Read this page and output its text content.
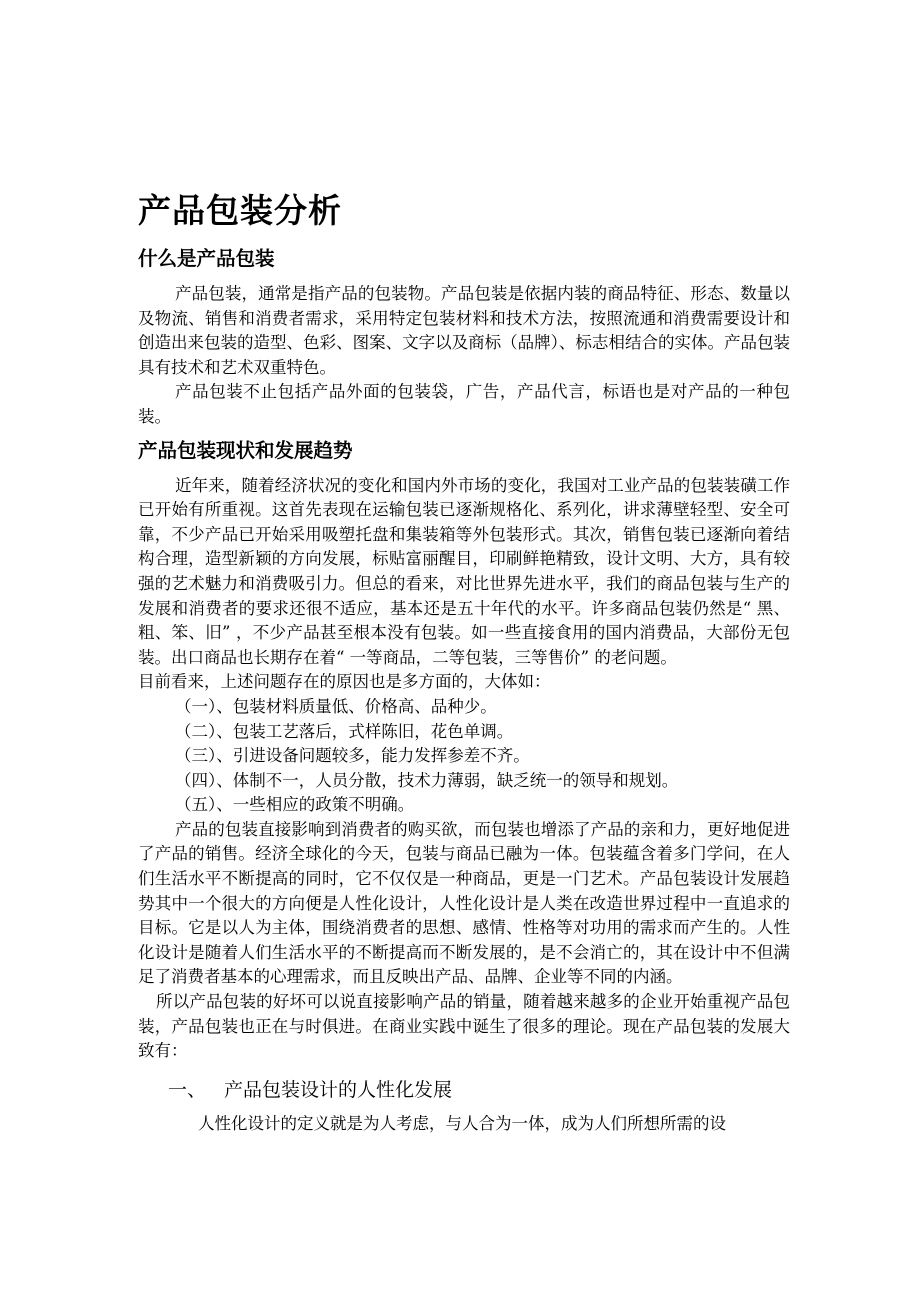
产品包装分析
什么是产品包装

产品包装，通常是指产品的包装物。产品包装是依据内装的商品特征、形态、数量以及物流、销售和消费者需求，采用特定包装材料和技术方法，按照流通和消费需要设计和创造出来包装的造型、色彩、图案、文字以及商标（品牌）、标志相结合的实体。产品包装具有技术和艺术双重特色。

产品包装不止包括产品外面的包装袋，广告，产品代言，标语也是对产品的一种包装。

产品包装现状和发展趋势

近年来，随着经济状况的变化和国内外市场的变化，我国对工业产品的包装装磺工作已开始有所重视。这首先表现在运输包装已逐渐规格化、系列化，讲求薄壁轻型、安全可靠，不少产品已开始采用吸塑托盘和集装箱等外包装形式。其次，销售包装已逐渐向着结构合理，造型新颖的方向发展，标贴富丽醒目，印刷鲜艳精致，设计文明、大方，具有较强的艺术魅力和消费吸引力。但总的看来，对比世界先进水平，我们的商品包装与生产的发展和消费者的要求还很不适应，基本还是五十年代的水平。许多商品包装仍然是“ 黑、粗、笨、旧” ，不少产品甚至根本没有包装。如一些直接食用的国内消费品，大部份无包装。出口商品也长期存在着“ 一等商品，二等包装，三等售价” 的老问题。

目前看来，上述问题存在的原因也是多方面的，大体如：

（一）、包装材料质量低、价格高、品种少。

（二）、包装工艺落后，式样陈旧，花色单调。

（三）、引进设备问题较多，能力发挥参差不齐。

（四）、体制不一，人员分散，技术力薄弱，缺乏统一的领导和规划。

（五）、一些相应的政策不明确。

产品的包装直接影响到消费者的购买欲，而包装也增添了产品的亲和力，更好地促进了产品的销售。经济全球化的今天，包装与商品已融为一体。包装蕴含着多门学问，在人们生活水平不断提高的同时，它不仅仅是一种商品，更是一门艺术。产品包装设计发展趋势其中一个很大的方向便是人性化设计，人性化设计是人类在改造世界过程中一直追求的目标。它是以人为主体，围绕消费者的思想、感情、性格等对功用的需求而产生的。人性化设计是随着人们生活水平的不断提高而不断发展的，是不会消亡的，其在设计中不但满足了消费者基本的心理需求，而且反映出产品、品牌、企业等不同的内涵。

所以产品包装的好坏可以说直接影响产品的销量，随着越来越多的企业开始重视产品包装，产品包装也正在与时俱进。在商业实践中诞生了很多的理论。现在产品包装的发展大致有：

一、 产品包装设计的人性化发展

人性化设计的定义就是为人考虑，与人合为一体，成为人们所想所需的设
